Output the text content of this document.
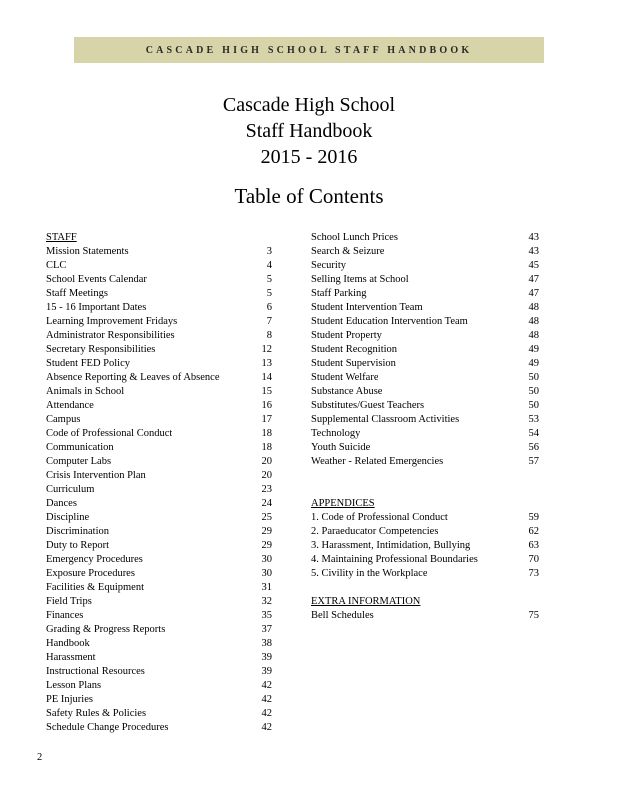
CASCADE HIGH SCHOOL STAFF HANDBOOK
Cascade High School
Staff Handbook
2015 - 2016
Table of Contents
STAFF
Mission Statements	3
CLC	4
School Events Calendar	5
Staff Meetings	5
15 - 16 Important Dates	6
Learning Improvement Fridays	7
Administrator Responsibilities	8
Secretary Responsibilities	12
Student FED Policy	13
Absence Reporting & Leaves of Absence	14
Animals in School	15
Attendance	16
Campus	17
Code of Professional Conduct	18
Communication	18
Computer Labs	20
Crisis Intervention Plan	20
Curriculum	23
Dances	24
Discipline	25
Discrimination	29
Duty to Report	29
Emergency Procedures	30
Exposure Procedures	30
Facilities & Equipment	31
Field Trips	32
Finances	35
Grading & Progress Reports	37
Handbook	38
Harassment	39
Instructional Resources	39
Lesson Plans	42
PE Injuries	42
Safety Rules & Policies	42
Schedule Change Procedures	42
School Lunch Prices	43
Search & Seizure	43
Security	45
Selling Items at School	47
Staff Parking	47
Student Intervention Team	48
Student Education Intervention Team	48
Student Property	48
Student Recognition	49
Student Supervision	49
Student Welfare	50
Substance Abuse	50
Substitutes/Guest Teachers	50
Supplemental Classroom Activities	53
Technology	54
Youth Suicide	56
Weather - Related Emergencies	57
APPENDICES
1. Code of Professional Conduct	59
2. Paraeducator Competencies	62
3. Harassment, Intimidation, Bullying	63
4. Maintaining Professional Boundaries	70
5. Civility in the Workplace	73
EXTRA INFORMATION
Bell Schedules	75
2
